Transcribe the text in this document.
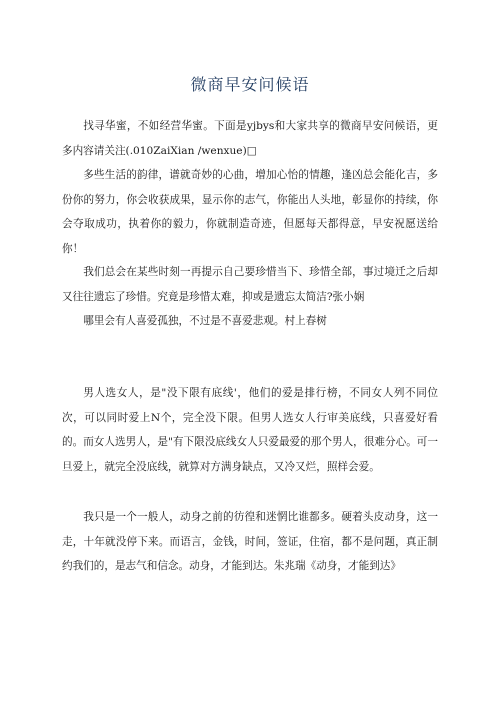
微商早安问候语

找寻华蜜，不如经营华蜜。下面是yjbys和大家共享的微商早安问候语，更多内容请关注(.010ZaiXian /wenxue)□

多些生活的韵律，谱就奇妙的心曲，增加心怡的情趣，逢凶总会能化吉，多份你的努力，你会收获成果，显示你的志气，你能出人头地，彰显你的持续，你会夺取成功，执着你的毅力，你就制造奇迹，但愿每天都得意，早安祝愿送给你！

我们总会在某些时刻一再提示自己要珍惜当下、珍惜全部，事过境迁之后却又往往遗忘了珍惜。究竟是珍惜太难，抑或是遗忘太简洁?张小娴

哪里会有人喜爱孤独，不过是不喜爱悲观。村上春树

男人选女人，是"没下限有底线'，他们的爱是排行榜，不同女人列不同位次，可以同时爱上N个，完全没下限。但男人选女人行审美底线，只喜爱好看的。而女人选男人，是"有下限没底线女人只爱最爱的那个男人，很难分心。可一旦爱上，就完全没底线，就算对方满身缺点，又冷又烂，照样会爱。

我只是一个一般人，动身之前的彷徨和迷惘比谁都多。硬着头皮动身，这一走，十年就没停下来。而语言，金钱，时间，签证，住宿，都不是问题，真正制约我们的，是志气和信念。动身，才能到达。朱兆瑞《动身，才能到达》
